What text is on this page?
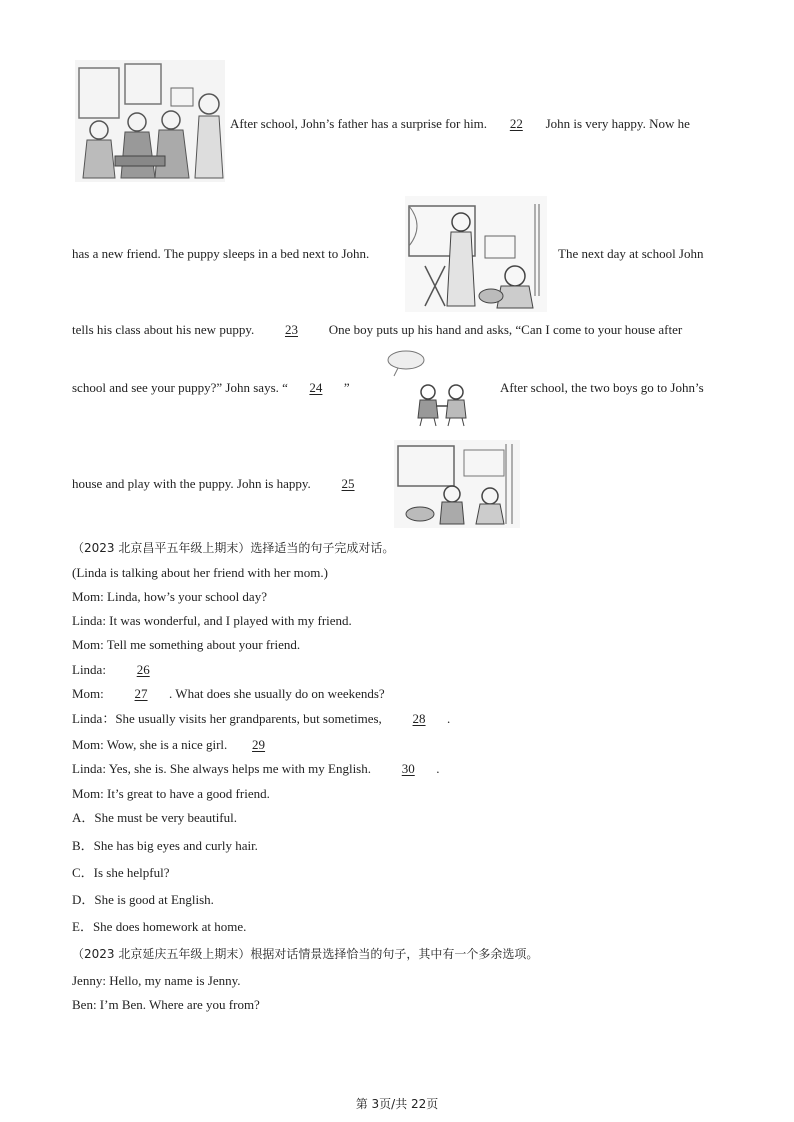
After school, John’s father has a surprise for him. 22 John is very happy. Now he
has a new friend. The puppy sleeps in a bed next to John.	The next day at school John
tells his class about his new puppy. 23 One boy puts up his hand and asks, “Can I come to your house after
school and see your puppy?” John says. “ 24 ”	After school, the two boys go to John’s
house and play with the puppy. John is happy. 25
（2023 北京昌平五年级上期末）选择适当的句子完成对话。
(Linda is talking about her friend with her mom.)
Mom: Linda, how’s your school day?
Linda: It was wonderful, and I played with my friend.
Mom: Tell me something about your friend.
Linda: 26
Mom: 27 . What does she usually do on weekends?
Linda：She usually visits her grandparents, but sometimes, 28 .
Mom: Wow, she is a nice girl. 29
Linda: Yes, she is. She always helps me with my English. 30 .
Mom: It’s great to have a good friend.
A．She must be very beautiful.
B．She has big eyes and curly hair.
C．Is she helpful?
D．She is good at English.
E．She does homework at home.
（2023 北京延庆五年级上期末）根据对话情景选择恰当的句子，其中有一个多余选项。
Jenny: Hello, my name is Jenny.
Ben: I’m Ben. Where are you from?
第 3页/共 22页
